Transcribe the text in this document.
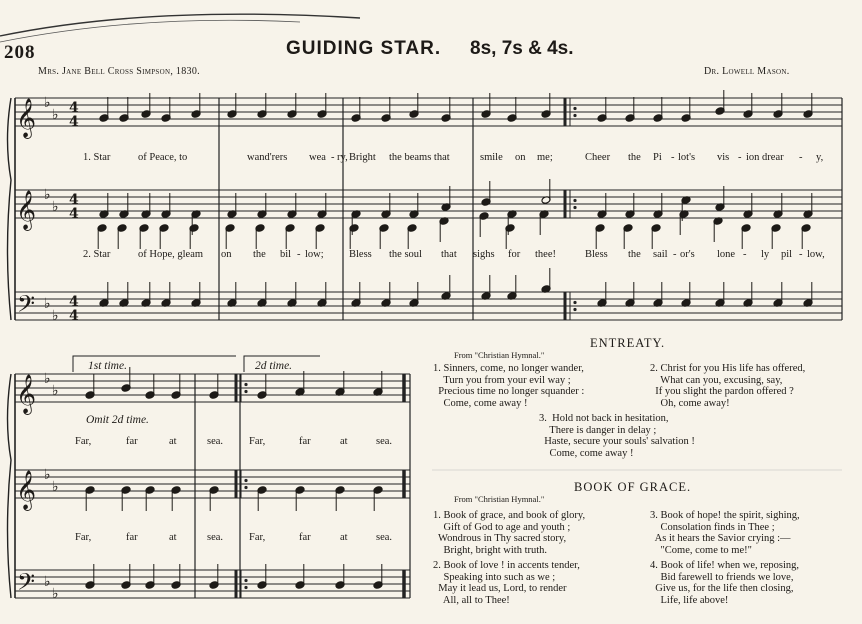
𝄞 ♭
♭ 4
4
𝄞 ♭
♭ 4
4
𝄢 ♭
♭
4
4
𝄞 ♭
♭
𝄞 ♭
♭
𝄢 ♭
♭
208	GUIDING STAR. 8s, 7s & 4s.
Mrs. Jane Bell Cross Simpson, 1830.	Dr. Lowell Mason.
1. Star	of Peace, to	wand'rers wea - ry, Bright the beams that	smile on me;	Cheer the Pi - lot's vis - ion drear - y,
2. Star	of Hope, gleam on the bil - low; Bless the soul that sighs for thee!	Bless the sail - or's lone - ly pil - low,
1st time.	2d time.
Omit 2d time.
Far,	far	at	sea. Far,	far	at	sea.
Far,	far	at	sea. Far,	far	at	sea.
ENTREATY.
From "Christian Hymnal."
1. Sinners, come, no longer wander,
Turn you from your evil way ;
Precious time no longer squander :
Come, come away !
2. Christ for you His life has offered,
What can you, excusing, say,
If you slight the pardon offered ?
Oh, come away!
3.  Hold not back in hesitation,
There is danger in delay ;
Haste, secure your souls' salvation !
Come, come away !
BOOK OF GRACE.
From "Christian Hymnal."
1. Book of grace, and book of glory,
Gift of God to age and youth ;
Wondrous in Thy sacred story,
Bright, bright with truth.
3. Book of hope! the spirit, sighing,
Consolation finds in Thee ;
As it hears the Savior crying :—
"Come, come to me!"
2. Book of love ! in accents tender,
Speaking into such as we ;
May it lead us, Lord, to render
All, all to Thee!
4. Book of life! when we, reposing,
Bid farewell to friends we love,
Give us, for the life then closing,
Life, life above!
